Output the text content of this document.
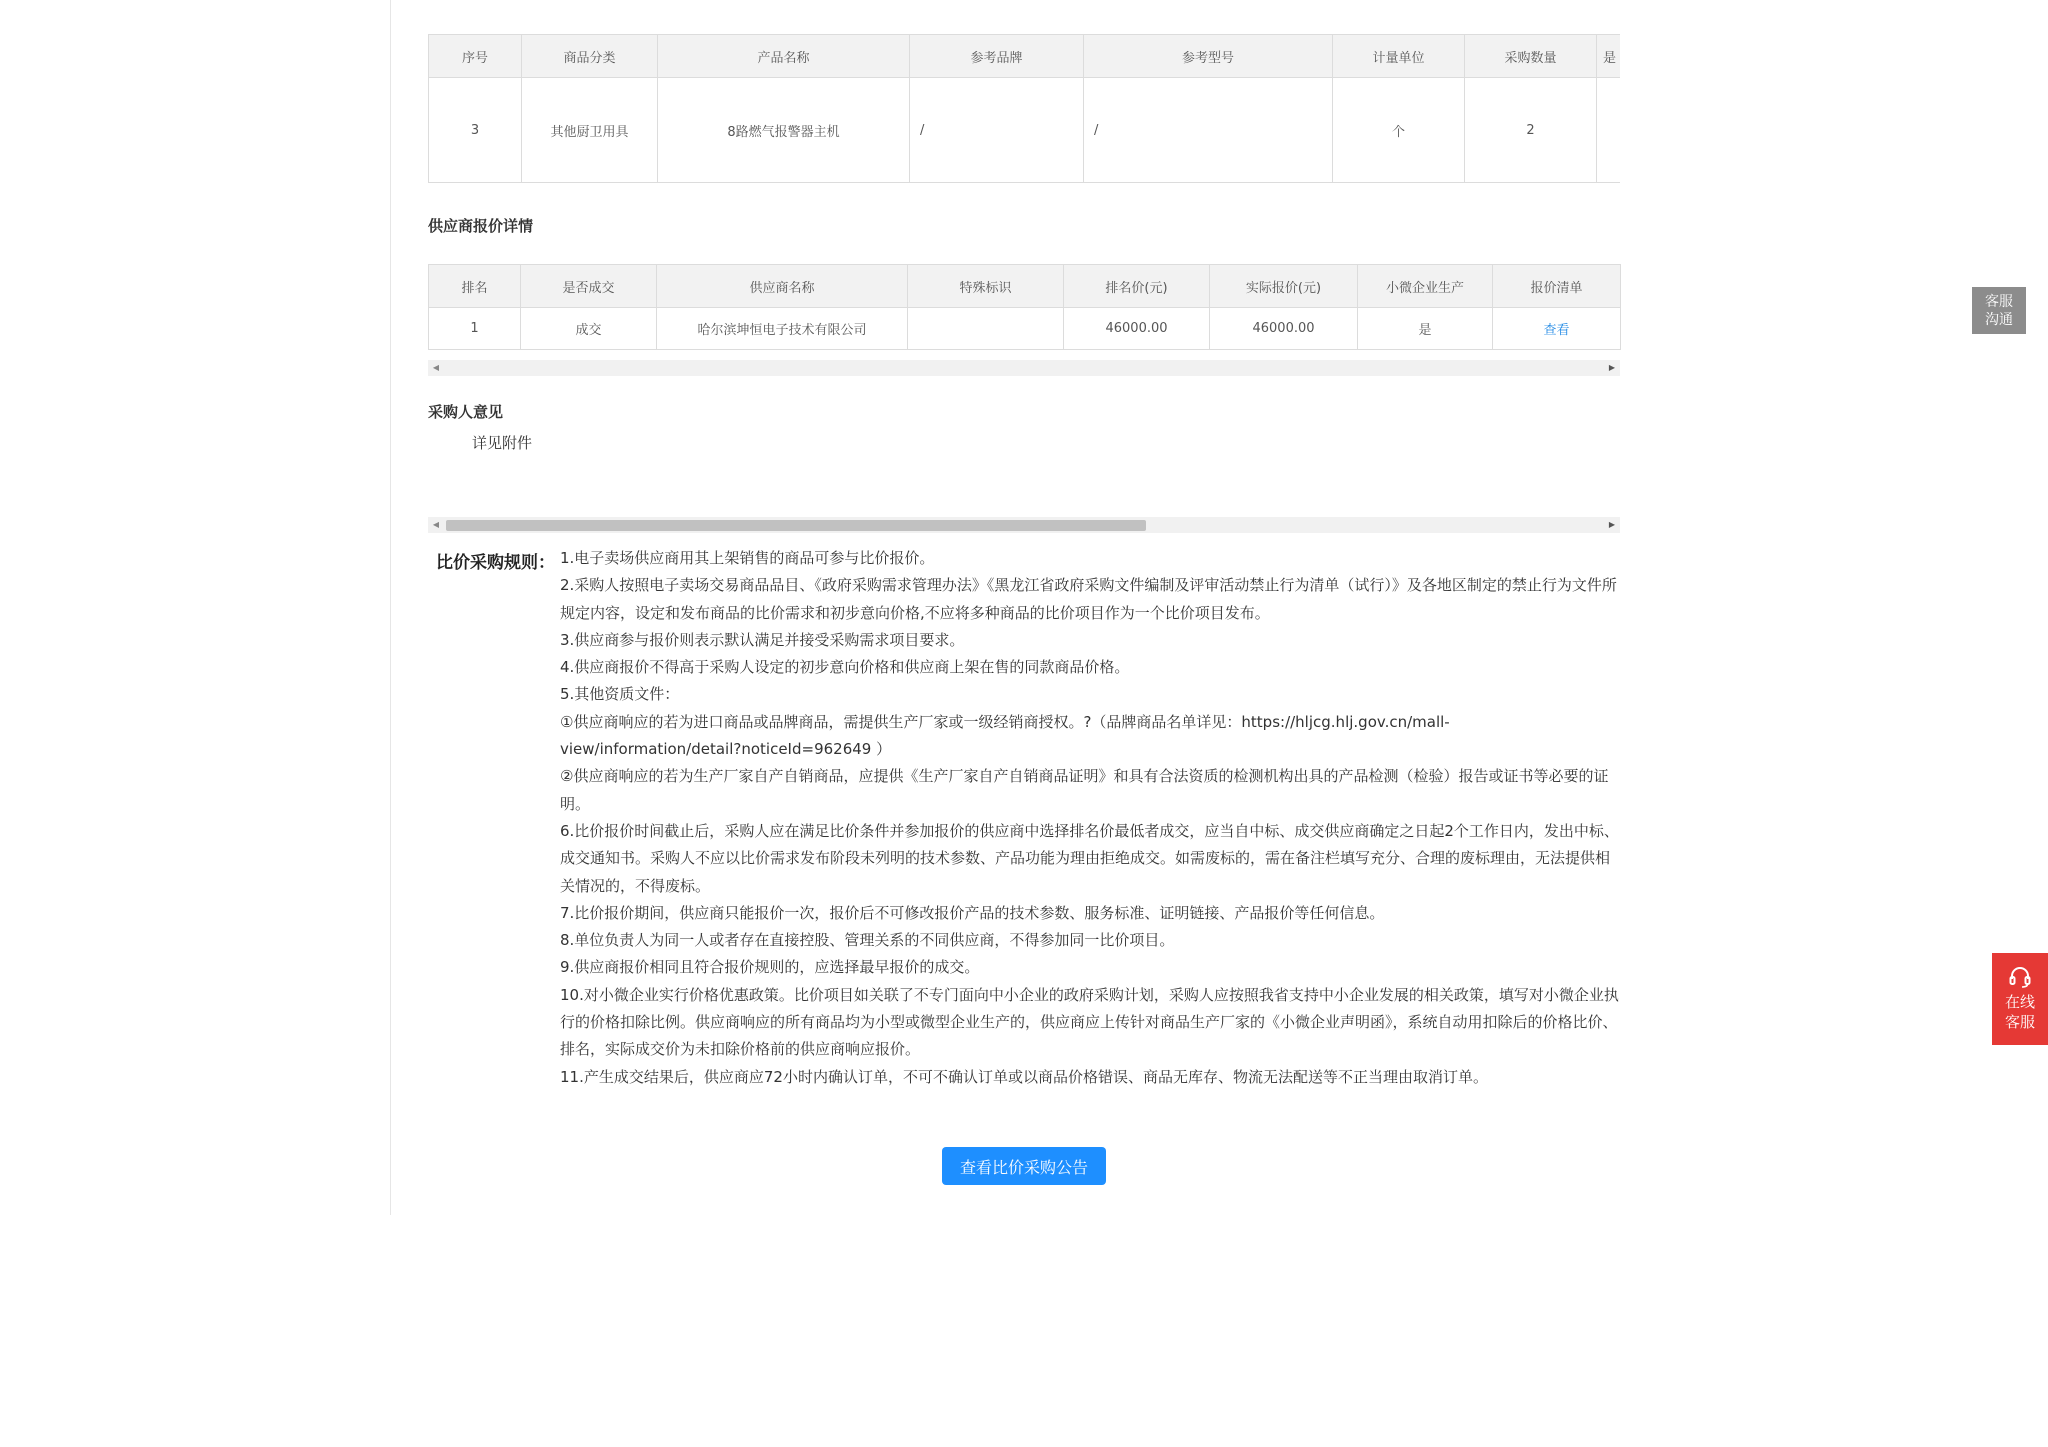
序号	商品分类	产品名称	参考品牌	参考型号	计量单位	采购数量	是
3	其他厨卫用具	8路燃气报警器主机	/	/	个	2	
供应商报价详情
排名	是否成交	供应商名称	特殊标识	排名价(元)	实际报价(元)	小微企业生产	报价清单
1	成交	哈尔滨坤恒电子技术有限公司		46000.00	46000.00	是	查看
◀	▶
采购人意见
详见附件
◀	▶
比价采购规则： 1.电子卖场供应商用其上架销售的商品可参与比价报价。

2.采购人按照电子卖场交易商品品目、《政府采购需求管理办法》《黑龙江省政府采购文件编制及评审活动禁止行为清单（试行）》及各地区制定的禁止行为文件所规定内容，设定和发布商品的比价需求和初步意向价格,不应将多种商品的比价项目作为一个比价项目发布。

3.供应商参与报价则表示默认满足并接受采购需求项目要求。

4.供应商报价不得高于采购人设定的初步意向价格和供应商上架在售的同款商品价格。

5.其他资质文件：

①供应商响应的若为进口商品或品牌商品，需提供生产厂家或一级经销商授权。?（品牌商品名单详见：https://hljcg.hlj.gov.cn/mall-view/information/detail?noticeId=962649 ）

②供应商响应的若为生产厂家自产自销商品，应提供《生产厂家自产自销商品证明》和具有合法资质的检测机构出具的产品检测（检验）报告或证书等必要的证明。

6.比价报价时间截止后，采购人应在满足比价条件并参加报价的供应商中选择排名价最低者成交，应当自中标、成交供应商确定之日起2个工作日内，发出中标、成交通知书。采购人不应以比价需求发布阶段未列明的技术参数、产品功能为理由拒绝成交。如需废标的，需在备注栏填写充分、合理的废标理由，无法提供相关情况的，不得废标。

7.比价报价期间，供应商只能报价一次，报价后不可修改报价产品的技术参数、服务标准、证明链接、产品报价等任何信息。

8.单位负责人为同一人或者存在直接控股、管理关系的不同供应商，不得参加同一比价项目。

9.供应商报价相同且符合报价规则的，应选择最早报价的成交。

10.对小微企业实行价格优惠政策。比价项目如关联了不专门面向中小企业的政府采购计划，采购人应按照我省支持中小企业发展的相关政策，填写对小微企业执行的价格扣除比例。供应商响应的所有商品均为小型或微型企业生产的，供应商应上传针对商品生产厂家的《小微企业声明函》，系统自动用扣除后的价格比价、排名，实际成交价为未扣除价格前的供应商响应报价。

11.产生成交结果后，供应商应72小时内确认订单，不可不确认订单或以商品价格错误、商品无库存、物流无法配送等不正当理由取消订单。

查看比价采购公告
客服
沟通
在线
客服
